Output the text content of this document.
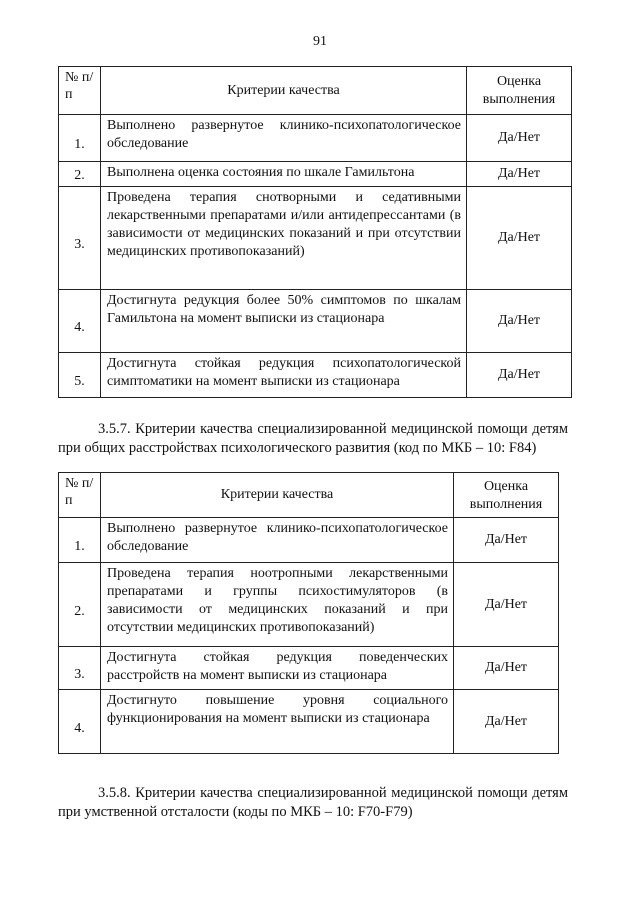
91
№ п/п	Критерии качества	Оценка выполнения
1.	Выполнено развернутое клинико-психопатологическое обследование	Да/Нет
2.	Выполнена оценка состояния по шкале Гамильтона	Да/Нет
3.	Проведена терапия снотворными и седативными лекарственными препаратами и/или антидепрессантами (в зависимости от медицинских показаний и при отсутствии медицинских противопоказаний)	Да/Нет
4.	Достигнута редукция более 50% симптомов по шкалам Гамильтона на момент выписки из стационара	Да/Нет
5.	Достигнута стойкая редукция психопатологической симптоматики на момент выписки из стационара	Да/Нет

3.5.7. Критерии качества специализированной медицинской помощи детям при общих расстройствах психологического развития (код по МКБ – 10: F84)

№ п/п	Критерии качества	Оценка выполнения
1.	Выполнено развернутое клинико-психопатологическое обследование	Да/Нет
2.	Проведена терапия ноотропными лекарственными препаратами и группы психостимуляторов (в зависимости от медицинских показаний и при отсутствии медицинских противопоказаний)	Да/Нет
3.	Достигнута стойкая редукция поведенческих расстройств на момент выписки из стационара	Да/Нет
4.	Достигнуто повышение уровня социального функционирования на момент выписки из стационара	Да/Нет

3.5.8. Критерии качества специализированной медицинской помощи детям при умственной отсталости (коды по МКБ – 10: F70-F79)
